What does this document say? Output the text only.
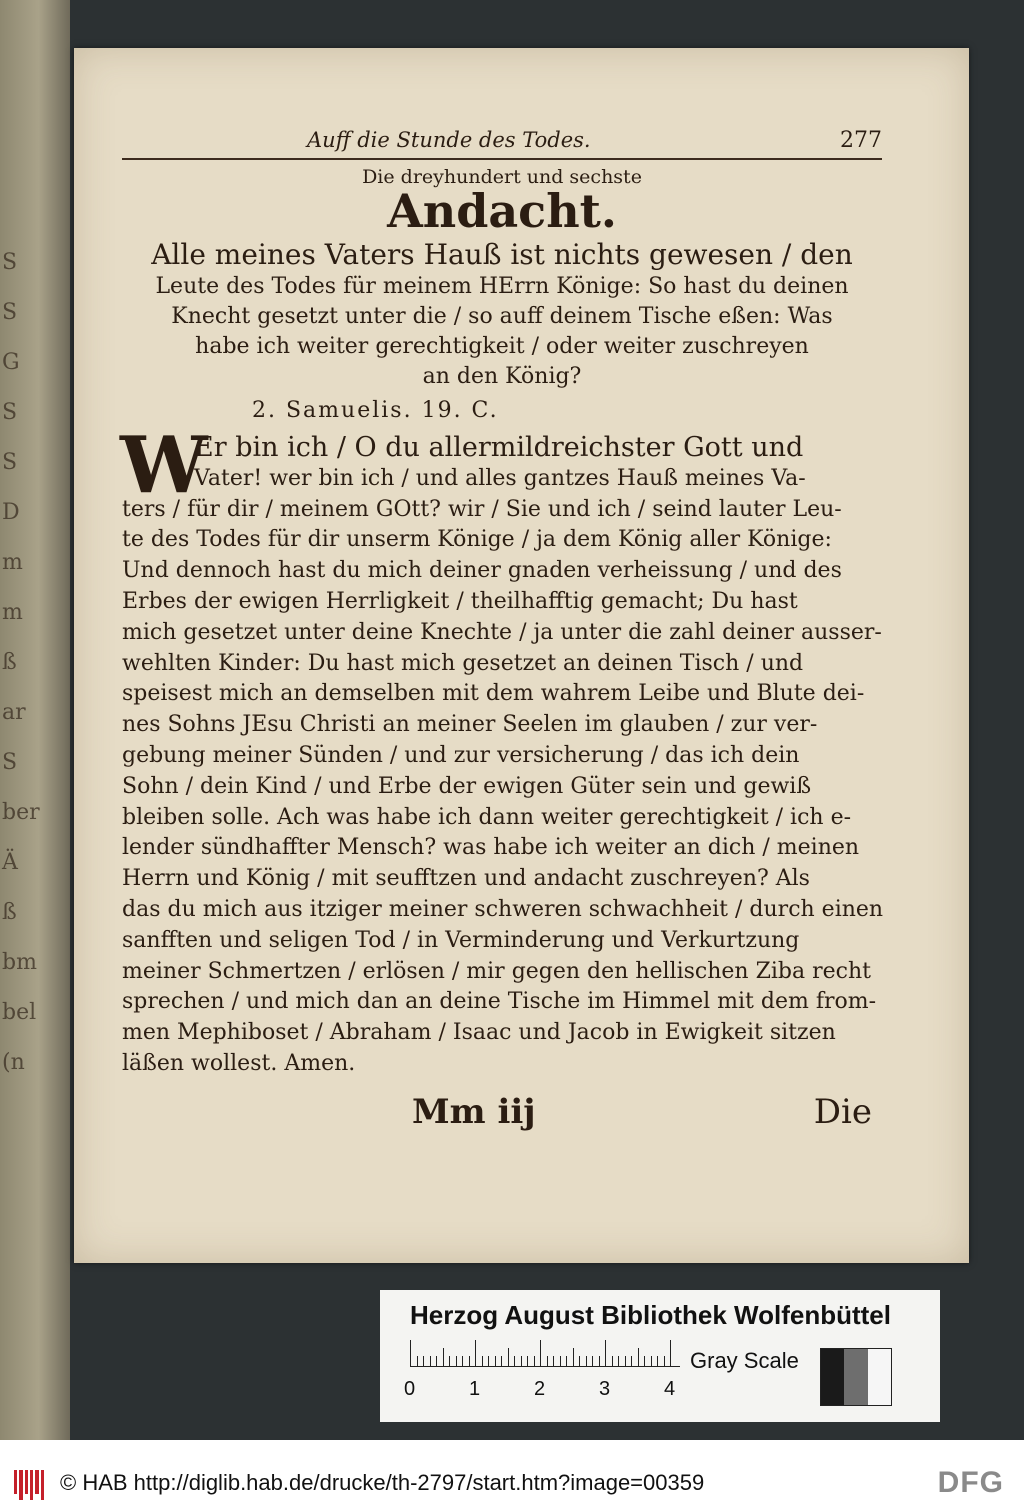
S
S
G
S
S
D
m
m
ß
ar
S
ber
Ä
ß
bm
bel
(n
Auff die Stunde des Todes.	277
Die dreyhundert und sechste
Andacht.
Alle meines Vaters Hauß ist nichts gewesen / den
Leute des Todes für meinem HErrn Könige: So hast du deinen
Knecht gesetzt unter die / so auff deinem Tische eßen: Was
habe ich weiter gerechtigkeit / oder weiter zuschreyen
an den König?
2. Samuelis. 19. C.
W
Er bin ich / O du allermildreichster Gott und
Vater! wer bin ich / und alles gantzes Hauß meines Va-
ters / für dir / meinem GOtt? wir / Sie und ich / seind lauter Leu-
te des Todes für dir unserm Könige / ja dem König aller Könige:
Und dennoch hast du mich deiner gnaden verheissung / und des
Erbes der ewigen Herrligkeit / theilhafftig gemacht; Du hast
mich gesetzet unter deine Knechte / ja unter die zahl deiner ausser-
wehlten Kinder: Du hast mich gesetzet an deinen Tisch / und
speisest mich an demselben mit dem wahrem Leibe und Blute dei-
nes Sohns JEsu Christi an meiner Seelen im glauben / zur ver-
gebung meiner Sünden / und zur versicherung / das ich dein
Sohn / dein Kind / und Erbe der ewigen Güter sein und gewiß
bleiben solle. Ach was habe ich dann weiter gerechtigkeit / ich e-
lender sündhaffter Mensch? was habe ich weiter an dich / meinen
Herrn und König / mit seufftzen und andacht zuschreyen? Als
das du mich aus itziger meiner schweren schwachheit / durch einen
sanfften und seligen Tod / in Verminderung und Verkurtzung
meiner Schmertzen / erlösen / mir gegen den hellischen Ziba recht
sprechen / und mich dan an deine Tische im Himmel mit dem from-
men Mephiboset / Abraham / Isaac und Jacob in Ewigkeit sitzen
läßen wollest. Amen.
Mm iij	Die
Herzog August Bibliothek Wolfenbüttel
Gray Scale
0	1	2	3	4
© HAB http://diglib.hab.de/drucke/th-2797/start.htm?image=00359	DFG
